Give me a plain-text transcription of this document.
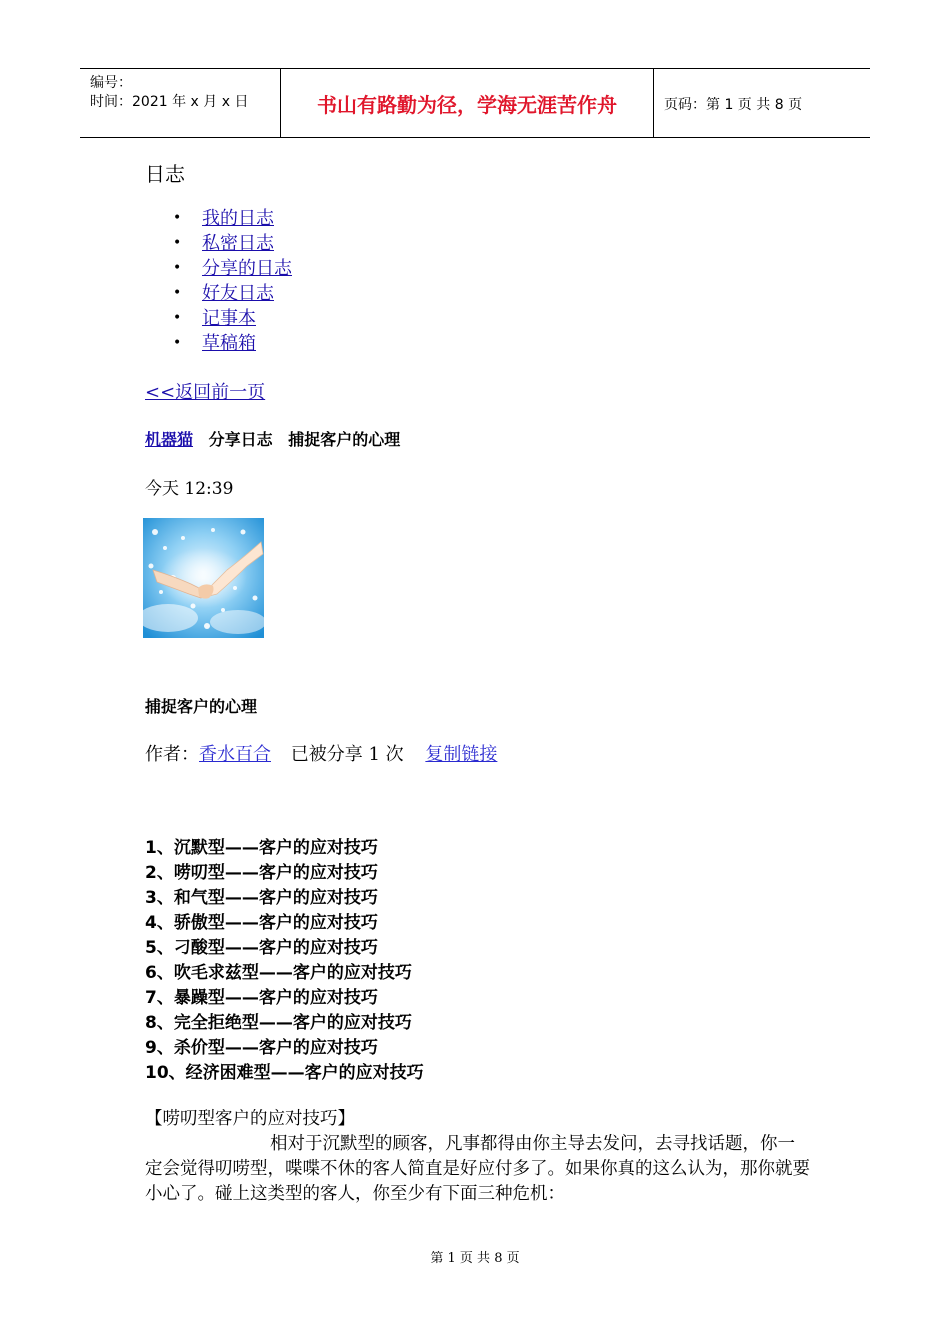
编号：
时间：2021 年 x 月 x 日	书山有路勤为径，学海无涯苦作舟	页码：第 1 页 共 8 页
日志
• 我的日志
• 私密日志
• 分享的日志
• 好友日志
• 记事本
• 草稿箱
<<返回前一页
机器猫 分享日志 捕捉客户的心理
今天 12:39
捕捉客户的心理
作者：香水百合 已被分享 1 次 复制链接
1、沉默型——客户的应对技巧
2、唠叨型——客户的应对技巧
3、和气型——客户的应对技巧
4、骄傲型——客户的应对技巧
5、刁酸型——客户的应对技巧
6、吹毛求兹型——客户的应对技巧
7、暴躁型——客户的应对技巧
8、完全拒绝型——客户的应对技巧
9、杀价型——客户的应对技巧
10、经济困难型——客户的应对技巧
【唠叨型客户的应对技巧】
相对于沉默型的顾客，凡事都得由你主导去发问，去寻找话题，你一定会觉得叨唠型，喋喋不休的客人简直是好应付多了。如果你真的这么认为，那你就要小心了。碰上这类型的客人，你至少有下面三种危机：
第 1 页 共 8 页
